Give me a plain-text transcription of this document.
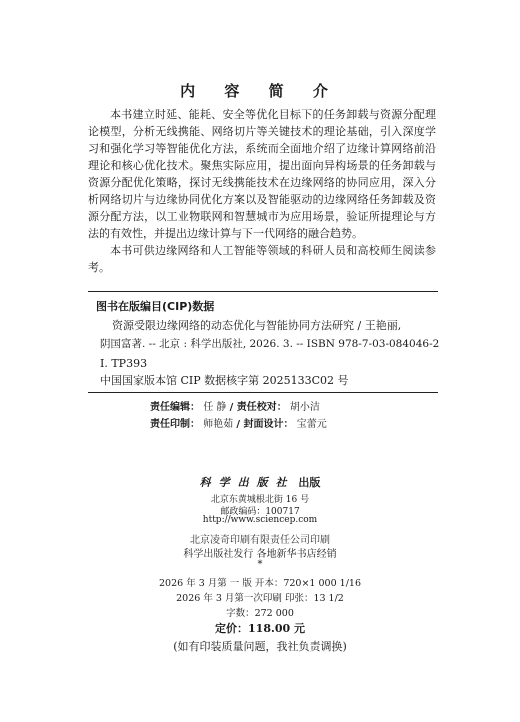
内 容 简 介

本书建立时延、能耗、安全等优化目标下的任务卸载与资源分配理论模型，分析无线携能、网络切片等关键技术的理论基础，引入深度学习和强化学习等智能优化方法，系统而全面地介绍了边缘计算网络前沿理论和核心优化技术。聚焦实际应用，提出面向异构场景的任务卸载与资源分配优化策略，探讨无线携能技术在边缘网络的协同应用，深入分析网络切片与边缘协同优化方案以及智能驱动的边缘网络任务卸载及资源分配方法，以工业物联网和智慧城市为应用场景，验证所提理论与方法的有效性，并提出边缘计算与下一代网络的融合趋势。

本书可供边缘网络和人工智能等领域的科研人员和高校师生阅读参考。

图书在版编目(CIP)数据
资源受限边缘网络的动态优化与智能协同方法研究 / 王艳丽,
阴国富著. -- 北京 : 科学出版社, 2026. 3. -- ISBN 978-7-03-084046-2
Ⅰ. TP393
中国国家版本馆 CIP 数据核字第 2025133C02 号
责任编辑： 任 静 / 责任校对： 胡小洁
责任印制： 师艳茹 / 封面设计： 宝蕾元
科学出版社 出版
北京东黄城根北街 16 号
邮政编码：100717
http://www.sciencep.com
北京凌奇印刷有限责任公司印刷
科学出版社发行 各地新华书店经销
*
2026 年 3 月第 一 版 开本：720×1 000 1/16
2026 年 3 月第一次印刷 印张：13 1/2
字数：272 000
定价：118.00 元
(如有印装质量问题，我社负责调换)
